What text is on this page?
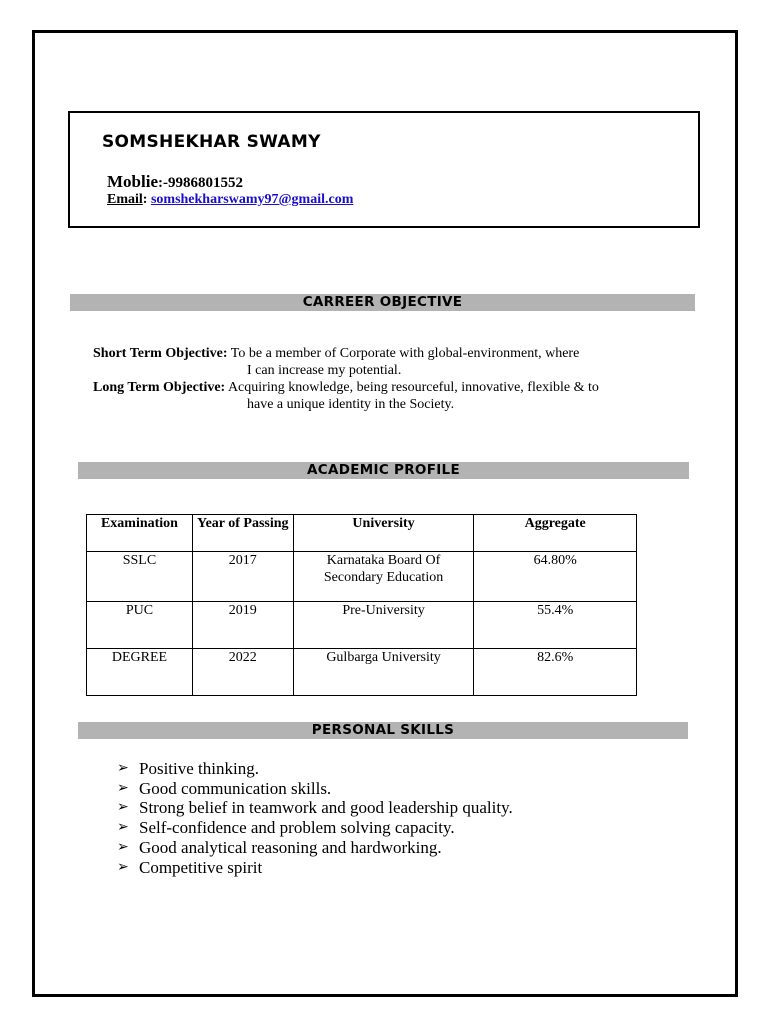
SOMSHEKHAR SWAMY
Moblie:-9986801552
Email: somshekharswamy97@gmail.com
CARREER OBJECTIVE
Short Term Objective: To be a member of Corporate with global-environment, where
I can increase my potential.
Long Term Objective: Acquiring knowledge, being resourceful, innovative, flexible & to
have a unique identity in the Society.
ACADEMIC PROFILE
Examination	Year of Passing	University	Aggregate
SSLC	2017	Karnataka Board Of Secondary Education	64.80%
PUC	2019	Pre-University	55.4%
DEGREE	2022	Gulbarga University	82.6%
PERSONAL SKILLS
➢ Positive thinking.
➢ Good communication skills.
➢ Strong belief in teamwork and good leadership quality.
➢ Self-confidence and problem solving capacity.
➢ Good analytical reasoning and hardworking.
➢ Competitive spirit
